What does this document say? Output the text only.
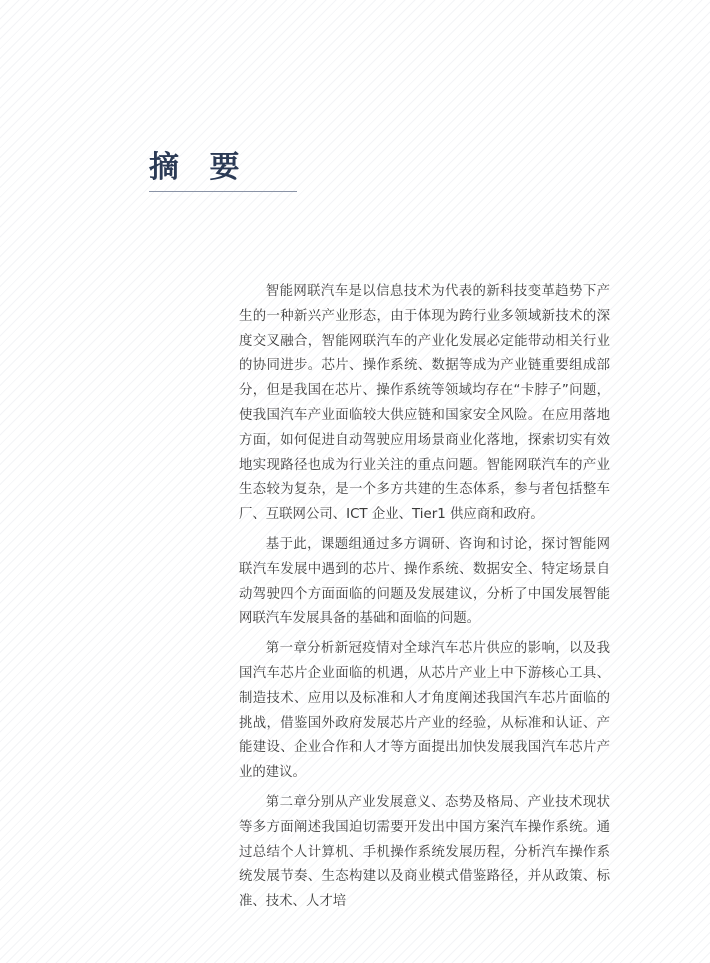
摘 要

智能网联汽车是以信息技术为代表的新科技变革趋势下产生的一种新兴产业形态，由于体现为跨行业多领域新技术的深度交叉融合，智能网联汽车的产业化发展必定能带动相关行业的协同进步。芯片、操作系统、数据等成为产业链重要组成部分，但是我国在芯片、操作系统等领域均存在“卡脖子”问题，使我国汽车产业面临较大供应链和国家安全风险。在应用落地方面，如何促进自动驾驶应用场景商业化落地，探索切实有效地实现路径也成为行业关注的重点问题。智能网联汽车的产业生态较为复杂，是一个多方共建的生态体系，参与者包括整车厂、互联网公司、ICT 企业、Tier1 供应商和政府。

基于此，课题组通过多方调研、咨询和讨论，探讨智能网联汽车发展中遇到的芯片、操作系统、数据安全、特定场景自动驾驶四个方面面临的问题及发展建议，分析了中国发展智能网联汽车发展具备的基础和面临的问题。

第一章分析新冠疫情对全球汽车芯片供应的影响，以及我国汽车芯片企业面临的机遇，从芯片产业上中下游核心工具、制造技术、应用以及标准和人才角度阐述我国汽车芯片面临的挑战，借鉴国外政府发展芯片产业的经验，从标准和认证、产能建设、企业合作和人才等方面提出加快发展我国汽车芯片产业的建议。

第二章分别从产业发展意义、态势及格局、产业技术现状等多方面阐述我国迫切需要开发出中国方案汽车操作系统。通过总结个人计算机、手机操作系统发展历程，分析汽车操作系统发展节奏、生态构建以及商业模式借鉴路径，并从政策、标准、技术、人才培
